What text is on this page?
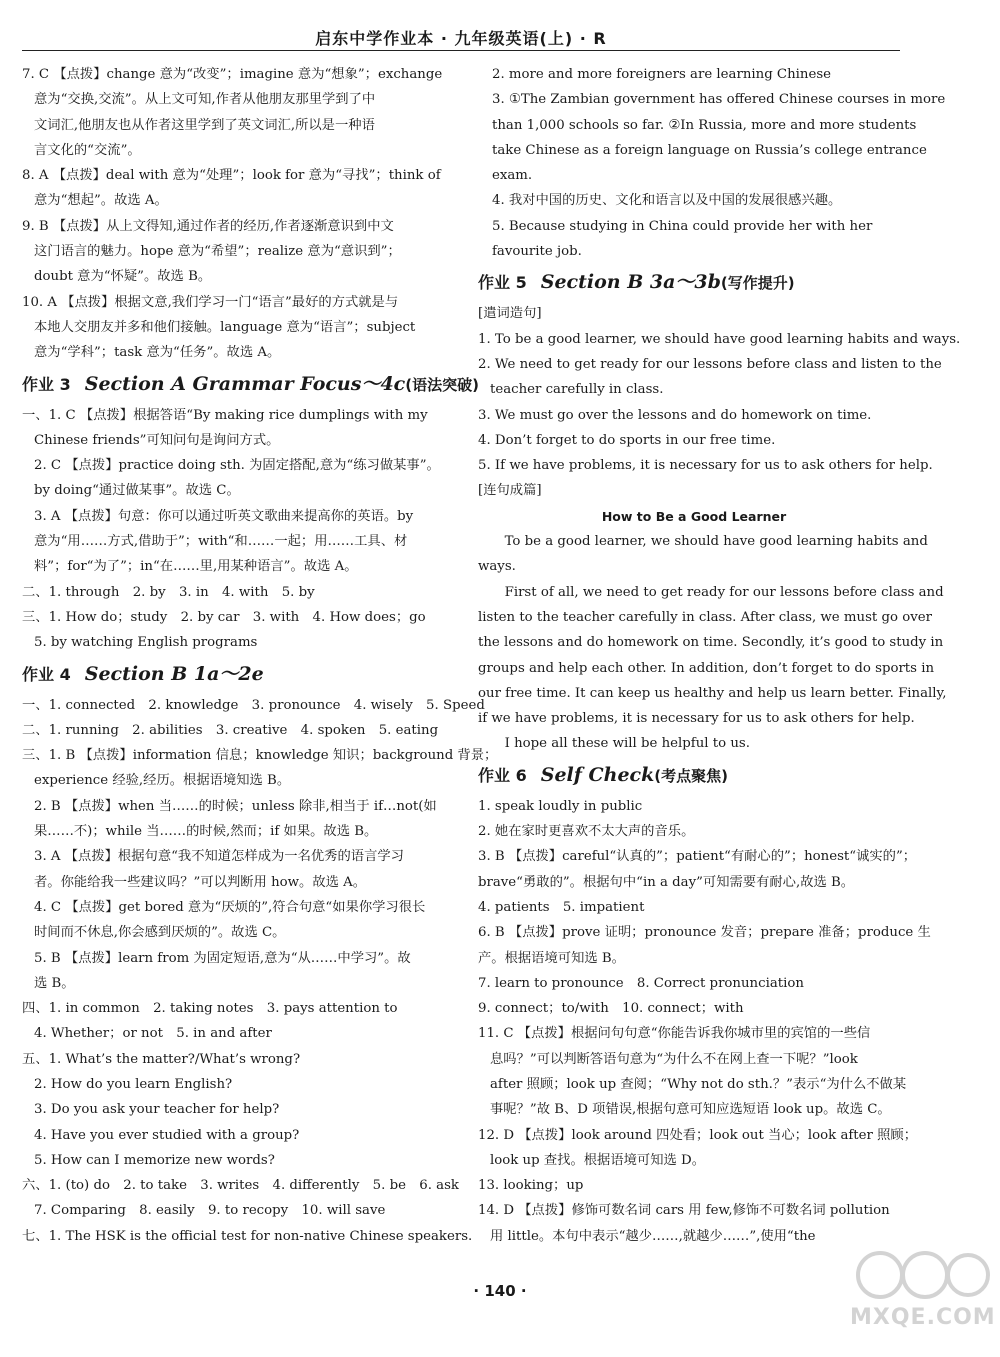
启东中学作业本 · 九年级英语(上) · R
7. C 【点拨】change 意为“改变”；imagine 意为“想象”；exchange
意为“交换,交流”。从上文可知,作者从他朋友那里学到了中
文词汇,他朋友也从作者这里学到了英文词汇,所以是一种语
言文化的“交流”。
8. A 【点拨】deal with 意为“处理”；look for 意为“寻找”；think of
意为“想起”。故选 A。
9. B 【点拨】从上文得知,通过作者的经历,作者逐渐意识到中文
这门语言的魅力。hope 意为“希望”；realize 意为“意识到”；
doubt 意为“怀疑”。故选 B。
10. A 【点拨】根据文意,我们学习一门“语言”最好的方式就是与
本地人交朋友并多和他们接触。language 意为“语言”；subject
意为“学科”；task 意为“任务”。故选 A。
作业 3 Section A Grammar Focus～4c(语法突破)
一、1. C 【点拨】根据答语“By making rice dumplings with my
Chinese friends”可知问句是询问方式。
2. C 【点拨】practice doing sth. 为固定搭配,意为“练习做某事”。
by doing“通过做某事”。故选 C。
3. A 【点拨】句意：你可以通过听英文歌曲来提高你的英语。by
意为“用……方式,借助于”；with“和……一起；用……工具、材
料”；for“为了”；in“在……里,用某种语言”。故选 A。
二、1. through　2. by　3. in　4. with　5. by
三、1. How do；study　2. by car　3. with　4. How does；go
5. by watching English programs
作业 4 Section B 1a～2e
一、1. connected　2. knowledge　3. pronounce　4. wisely　5. Speed
二、1. running　2. abilities　3. creative　4. spoken　5. eating
三、1. B 【点拨】information 信息；knowledge 知识；background 背景；
experience 经验,经历。根据语境知选 B。
2. B 【点拨】when 当……的时候；unless 除非,相当于 if…not(如
果……不)；while 当……的时候,然而；if 如果。故选 B。
3. A 【点拨】根据句意“我不知道怎样成为一名优秀的语言学习
者。你能给我一些建议吗？”可以判断用 how。故选 A。
4. C 【点拨】get bored 意为“厌烦的”,符合句意“如果你学习很长
时间而不休息,你会感到厌烦的”。故选 C。
5. B 【点拨】learn from 为固定短语,意为“从……中学习”。故
选 B。
四、1. in common　2. taking notes　3. pays attention to
4. Whether；or not　5. in and after
五、1. What’s the matter?/What’s wrong?
2. How do you learn English?
3. Do you ask your teacher for help?
4. Have you ever studied with a group?
5. How can I memorize new words?
六、1. (to) do　2. to take　3. writes　4. differently　5. be　6. ask
7. Comparing　8. easily　9. to recopy　10. will save
七、1. The HSK is the official test for non-native Chinese speakers.
2. more and more foreigners are learning Chinese
3. ①The Zambian government has offered Chinese courses in more
than 1,000 schools so far. ②In Russia, more and more students
take Chinese as a foreign language on Russia’s college entrance
exam.
4. 我对中国的历史、文化和语言以及中国的发展很感兴趣。
5. Because studying in China could provide her with her
favourite job.
作业 5 Section B 3a～3b(写作提升)
[遣词造句]
1. To be a good learner, we should have good learning habits and ways.
2. We need to get ready for our lessons before class and listen to the
teacher carefully in class.
3. We must go over the lessons and do homework on time.
4. Don’t forget to do sports in our free time.
5. If we have problems, it is necessary for us to ask others for help.
[连句成篇]
How to Be a Good Learner
To be a good learner, we should have good learning habits and
ways.
First of all, we need to get ready for our lessons before class and
listen to the teacher carefully in class. After class, we must go over
the lessons and do homework on time. Secondly, it’s good to study in
groups and help each other. In addition, don’t forget to do sports in
our free time. It can keep us healthy and help us learn better. Finally,
if we have problems, it is necessary for us to ask others for help.
I hope all these will be helpful to us.
作业 6 Self Check(考点聚焦)
1. speak loudly in public
2. 她在家时更喜欢不太大声的音乐。
3. B 【点拨】careful“认真的”；patient“有耐心的”；honest“诚实的”；
brave“勇敢的”。根据句中“in a day”可知需要有耐心,故选 B。
4. patients　5. impatient
6. B 【点拨】prove 证明；pronounce 发音；prepare 准备；produce 生
产。根据语境可知选 B。
7. learn to pronounce　8. Correct pronunciation
9. connect；to/with　10. connect；with
11. C 【点拨】根据问句句意“你能告诉我你城市里的宾馆的一些信
息吗？”可以判断答语句意为“为什么不在网上查一下呢？”look
after 照顾；look up 查阅；“Why not do sth.？”表示“为什么不做某
事呢？”故 B、D 项错误,根据句意可知应选短语 look up。故选 C。
12. D 【点拨】look around 四处看；look out 当心；look after 照顾；
look up 查找。根据语境可知选 D。
13. looking；up
14. D 【点拨】修饰可数名词 cars 用 few,修饰不可数名词 pollution
用 little。本句中表示“越少……,就越少……”,使用“the
· 140 ·
MXQE.COM
